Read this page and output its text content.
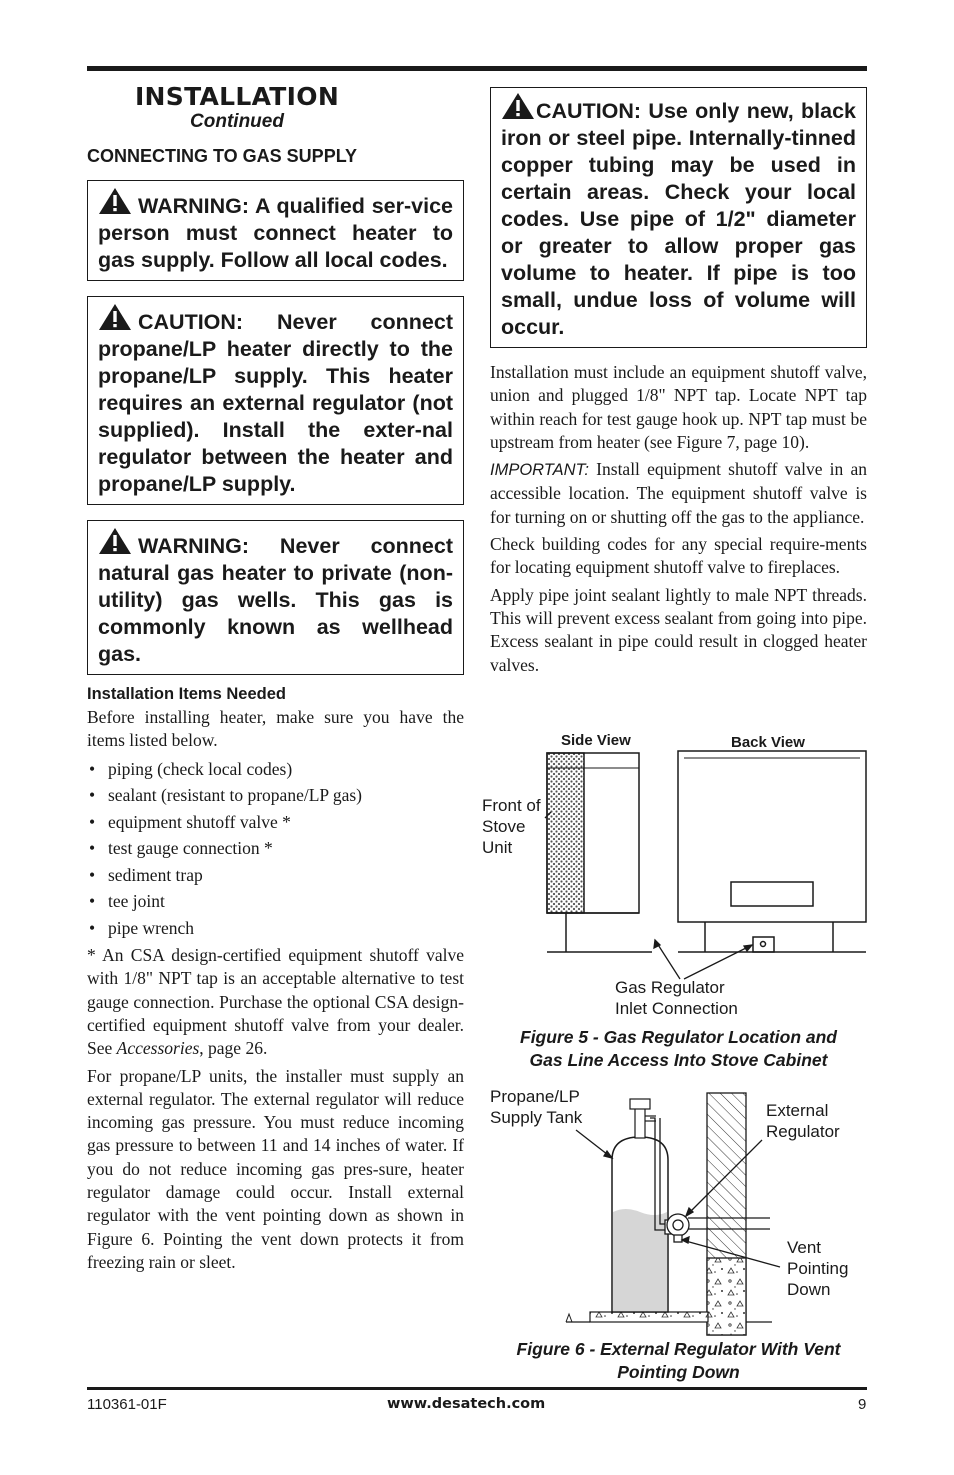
INSTALLATION
Continued
CONNECTING TO GAS SUPPLY
WARNING: A qualified ser-vice person must connect heater to gas supply. Follow all local codes.
CAUTION: Never connect propane/LP heater directly to the propane/LP supply. This heater requires an external regulator (not supplied). Install the exter-nal regulator between the heater and propane/LP supply.
WARNING: Never connect natural gas heater to private (non-utility) gas wells. This gas is commonly known as wellhead gas.
Installation Items Needed

Before installing heater, make sure you have the items listed below.

• piping (check local codes)
• sealant (resistant to propane/LP gas)
• equipment shutoff valve *
• test gauge connection *
• sediment trap
• tee joint
• pipe wrench

* An CSA design-certified equipment shutoff valve with 1/8" NPT tap is an acceptable alternative to test gauge connection. Purchase the optional CSA design-certified equipment shutoff valve from your dealer. See Accessories, page 26.

For propane/LP units, the installer must supply an external regulator. The external regulator will reduce incoming gas pressure. You must reduce incoming gas pressure to between 11 and 14 inches of water. If you do not reduce incoming gas pres-sure, heater regulator damage could occur. Install external regulator with the vent pointing down as shown in Figure 6. Pointing the vent down protects it from freezing rain or sleet.

CAUTION: Use only new, black iron or steel pipe. Internally-tinned copper tubing may be used in certain areas. Check your local codes. Use pipe of 1/2" diameter or greater to allow proper gas volume to heater. If pipe is too small, undue loss of volume will occur.

Installation must include an equipment shutoff valve, union and plugged 1/8" NPT tap. Locate NPT tap within reach for test gauge hook up. NPT tap must be upstream from heater (see Figure 7, page 10).

IMPORTANT: Install equipment shutoff valve in an accessible location. The equipment shutoff valve is for turning on or shutting off the gas to the appliance.

Check building codes for any special require-ments for locating equipment shutoff valve to fireplaces.

Apply pipe joint sealant lightly to male NPT threads. This will prevent excess sealant from going into pipe. Excess sealant in pipe could result in clogged heater valves.

Side View	Back View
Front of
Stove
Unit
Gas Regulator
Inlet Connection
Figure 5 - Gas Regulator Location and
Gas Line Access Into Stove Cabinet
Propane/LP
Supply Tank	External
Regulator
Vent
Pointing
Down
Figure 6 - External Regulator With Vent
Pointing Down
110361-01F	www.desatech.com	9
